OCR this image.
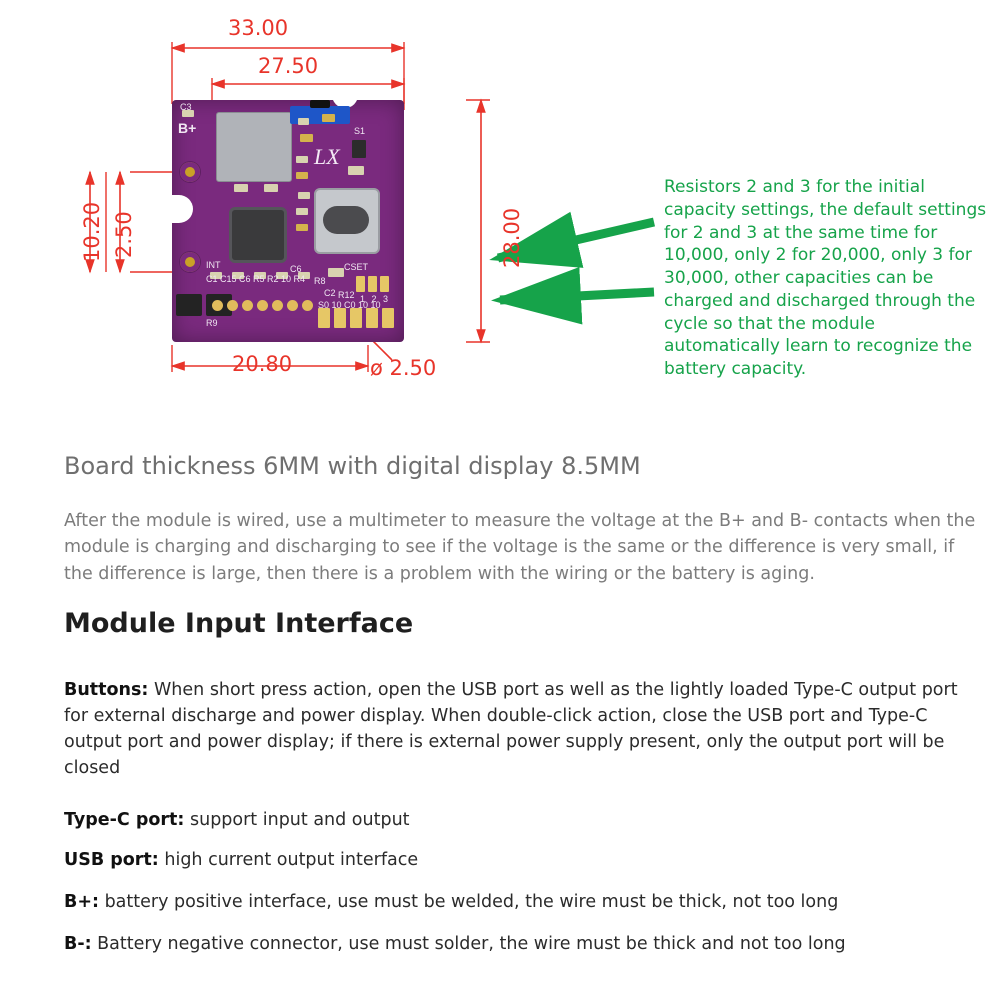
33.00
27.50
20.80
28.00
10.20 2.50
ø 2.50
LX
B+
C3
S1
CSET
INT
C1 C15 C6 R5 R2 10 R4 R8
R9
C6
C2 R12 1 2 3
S0 10 C0 10 10
Resistors 2 and 3 for the initial capacity settings, the default settings for 2 and 3 at the same time for 10,000, only 2 for 20,000, only 3 for 30,000, other capacities can be charged and discharged through the cycle so that the module automatically learn to recognize the battery capacity.
Board thickness 6MM with digital display 8.5MM
After the module is wired, use a multimeter to measure the voltage at the B+ and B- contacts when the module is charging and discharging to see if the voltage is the same or the difference is very small, if the difference is large, then there is a problem with the wiring or the battery is aging.
Module Input Interface
Buttons: When short press action, open the USB port as well as the lightly loaded Type-C output port for external discharge and power display. When double-click action, close the USB port and Type-C output port and power display; if there is external power supply present, only the output port will be closed
Type-C port: support input and output
USB port: high current output interface
B+: battery positive interface, use must be welded, the wire must be thick, not too long
B-: Battery negative connector, use must solder, the wire must be thick and not too long
